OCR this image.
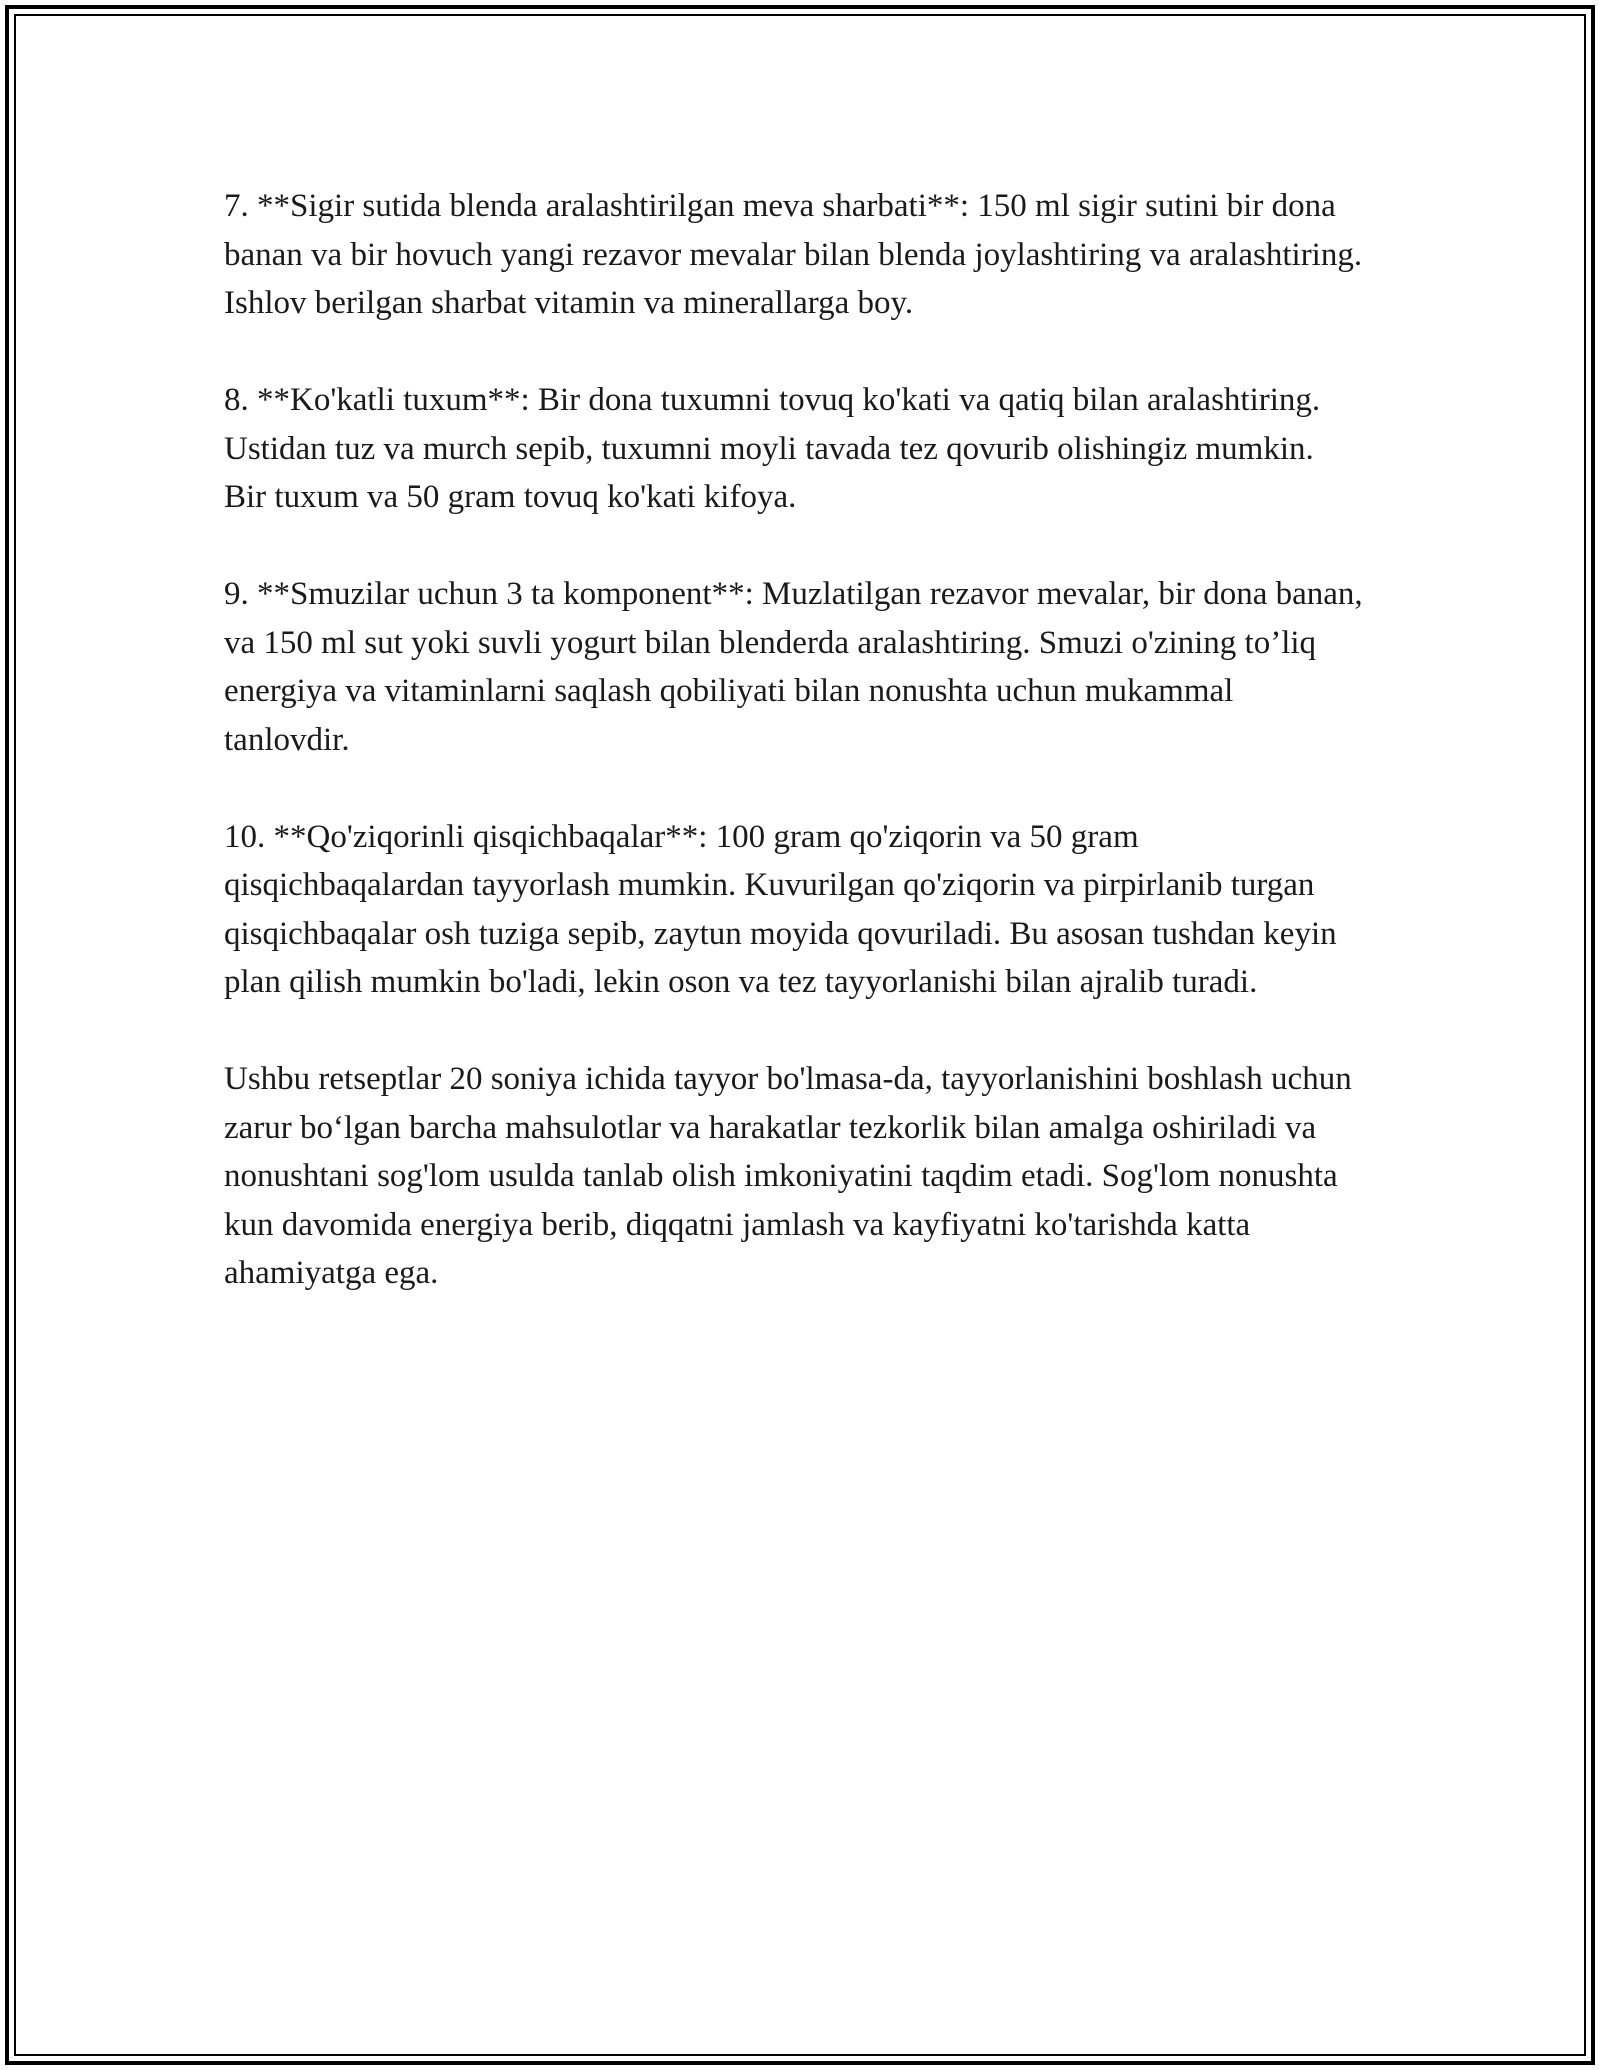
7. **Sigir sutida blenda aralashtirilgan meva sharbati**: 150 ml sigir sutini bir dona banan va bir hovuch yangi rezavor mevalar bilan blenda joylashtiring va aralashtiring. Ishlov berilgan sharbat vitamin va minerallarga boy.

8. **Ko'katli tuxum**: Bir dona tuxumni tovuq ko'kati va qatiq bilan aralashtiring. Ustidan tuz va murch sepib, tuxumni moyli tavada tez qovurib olishingiz mumkin. Bir tuxum va 50 gram tovuq ko'kati kifoya.

9. **Smuzilar uchun 3 ta komponent**: Muzlatilgan rezavor mevalar, bir dona banan, va 150 ml sut yoki suvli yogurt bilan blenderda aralashtiring. Smuzi o'zining to’liq energiya va vitaminlarni saqlash qobiliyati bilan nonushta uchun mukammal tanlovdir.

10. **Qo'ziqorinli qisqichbaqalar**: 100 gram qo'ziqorin va 50 gram qisqichbaqalardan tayyorlash mumkin. Kuvurilgan qo'ziqorin va pirpirlanib turgan qisqichbaqalar osh tuziga sepib, zaytun moyida qovuriladi. Bu asosan tushdan keyin plan qilish mumkin bo'ladi, lekin oson va tez tayyorlanishi bilan ajralib turadi.

Ushbu retseptlar 20 soniya ichida tayyor bo'lmasa-da, tayyorlanishini boshlash uchun zarur bo‘lgan barcha mahsulotlar va harakatlar tezkorlik bilan amalga oshiriladi va nonushtani sog'lom usulda tanlab olish imkoniyatini taqdim etadi. Sog'lom nonushta kun davomida energiya berib, diqqatni jamlash va kayfiyatni ko'tarishda katta ahamiyatga ega.
